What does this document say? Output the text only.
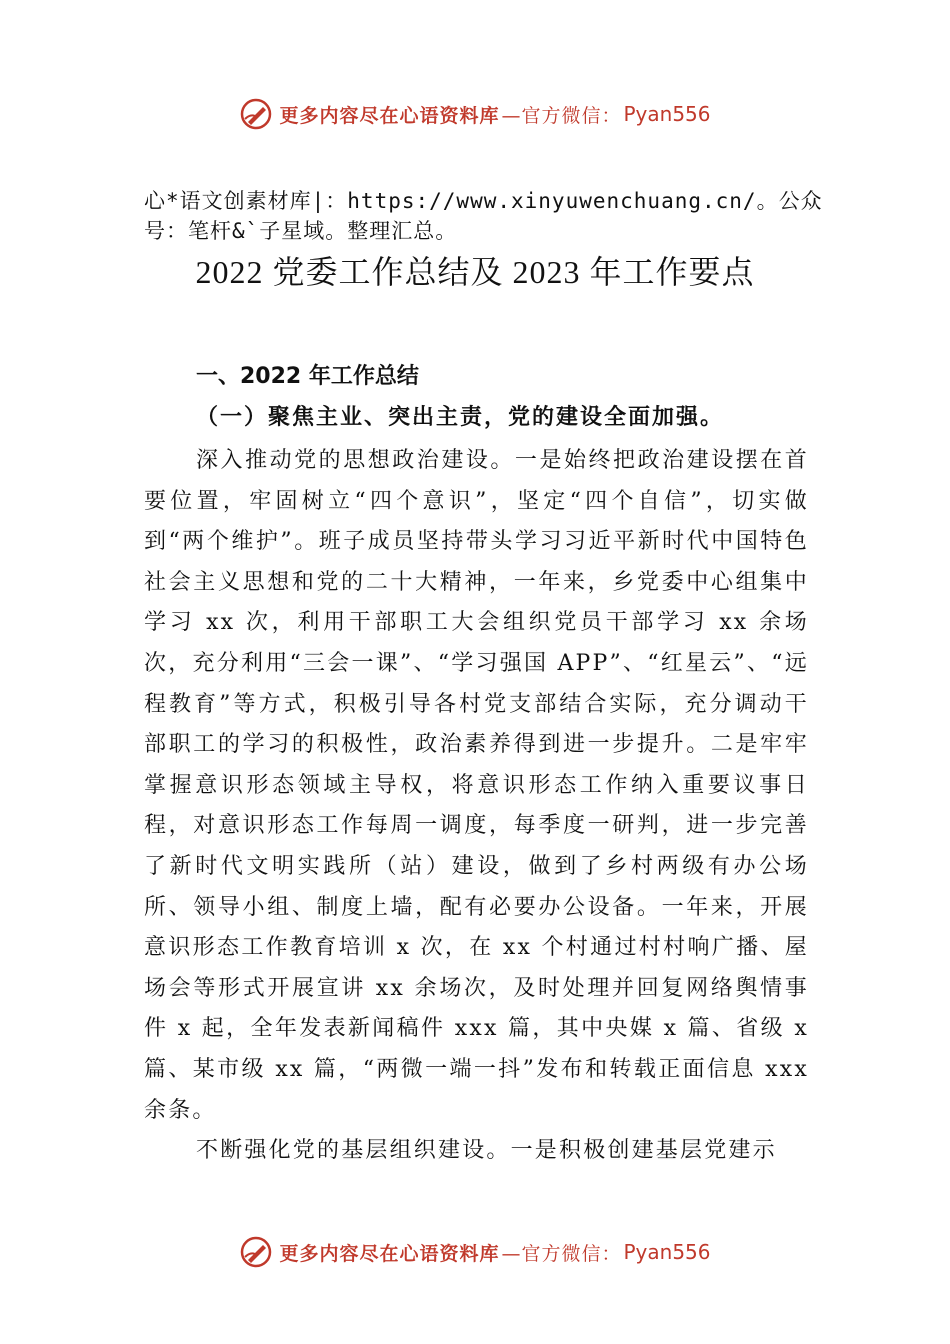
更多内容尽在心语资料库 —官方微信： Pyan556
心*语文创素材库|：https://www.xinyuwenchuang.cn/。公众号：笔杆&`子星域。整理汇总。
2022 党委工作总结及 2023 年工作要点
一、2022 年工作总结
（一）聚焦主业、突出主责，党的建设全面加强。
深入推动党的思想政治建设。一是始终把政治建设摆在首要位置，牢固树立“四个意识”，坚定“四个自信”，切实做到“两个维护”。班子成员坚持带头学习习近平新时代中国特色社会主义思想和党的二十大精神，一年来，乡党委中心组集中学习 xx 次，利用干部职工大会组织党员干部学习 xx 余场次，充分利用“三会一课”、“学习强国 APP”、“红星云”、“远程教育”等方式，积极引导各村党支部结合实际，充分调动干部职工的学习的积极性，政治素养得到进一步提升。二是牢牢掌握意识形态领域主导权，将意识形态工作纳入重要议事日程，对意识形态工作每周一调度，每季度一研判，进一步完善了新时代文明实践所（站）建设，做到了乡村两级有办公场所、领导小组、制度上墙，配有必要办公设备。一年来，开展意识形态工作教育培训 x 次，在 xx 个村通过村村响广播、屋场会等形式开展宣讲 xx 余场次，及时处理并回复网络舆情事件 x 起，全年发表新闻稿件 xxx 篇，其中央媒 x 篇、省级 x 篇、某市级 xx 篇，“两微一端一抖”发布和转载正面信息 xxx 余条。
不断强化党的基层组织建设。一是积极创建基层党建示
更多内容尽在心语资料库 —官方微信： Pyan556
